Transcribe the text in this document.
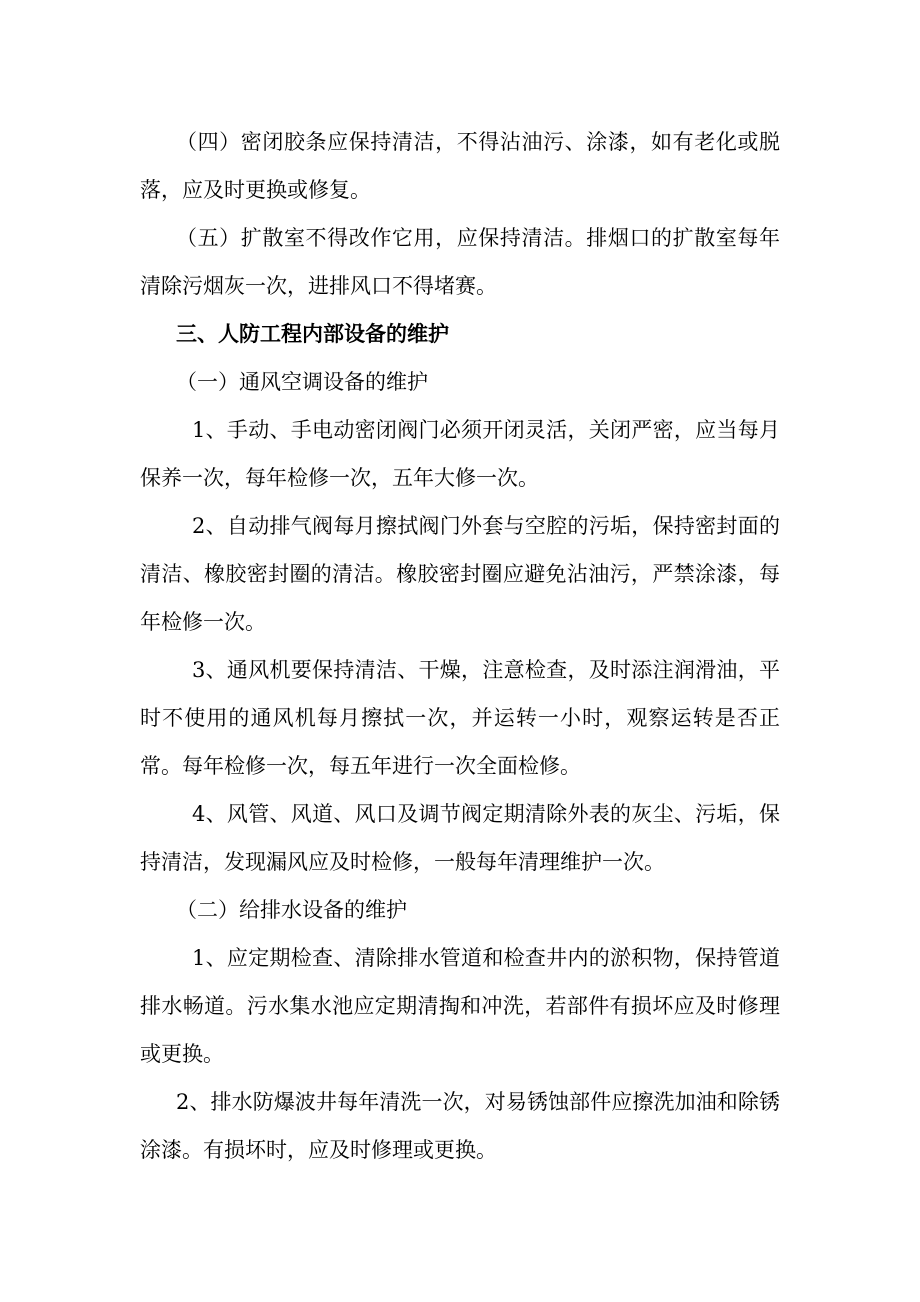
（四）密闭胶条应保持清洁，不得沾油污、涂漆，如有老化或脱落，应及时更换或修复。

（五）扩散室不得改作它用，应保持清洁。排烟口的扩散室每年清除污烟灰一次，进排风口不得堵赛。

三、人防工程内部设备的维护

（一）通风空调设备的维护

1、手动、手电动密闭阀门必须开闭灵活，关闭严密，应当每月保养一次，每年检修一次，五年大修一次。

2、自动排气阀每月擦拭阀门外套与空腔的污垢，保持密封面的清洁、橡胶密封圈的清洁。橡胶密封圈应避免沾油污，严禁涂漆，每年检修一次。

3、通风机要保持清洁、干燥，注意检查，及时添注润滑油，平时不使用的通风机每月擦拭一次，并运转一小时，观察运转是否正常。每年检修一次，每五年进行一次全面检修。

4、风管、风道、风口及调节阀定期清除外表的灰尘、污垢，保持清洁，发现漏风应及时检修，一般每年清理维护一次。

（二）给排水设备的维护

1、应定期检查、清除排水管道和检查井内的淤积物，保持管道排水畅道。污水集水池应定期清掏和冲洗，若部件有损坏应及时修理或更换。

2、排水防爆波井每年清洗一次，对易锈蚀部件应擦洗加油和除锈涂漆。有损坏时，应及时修理或更换。
